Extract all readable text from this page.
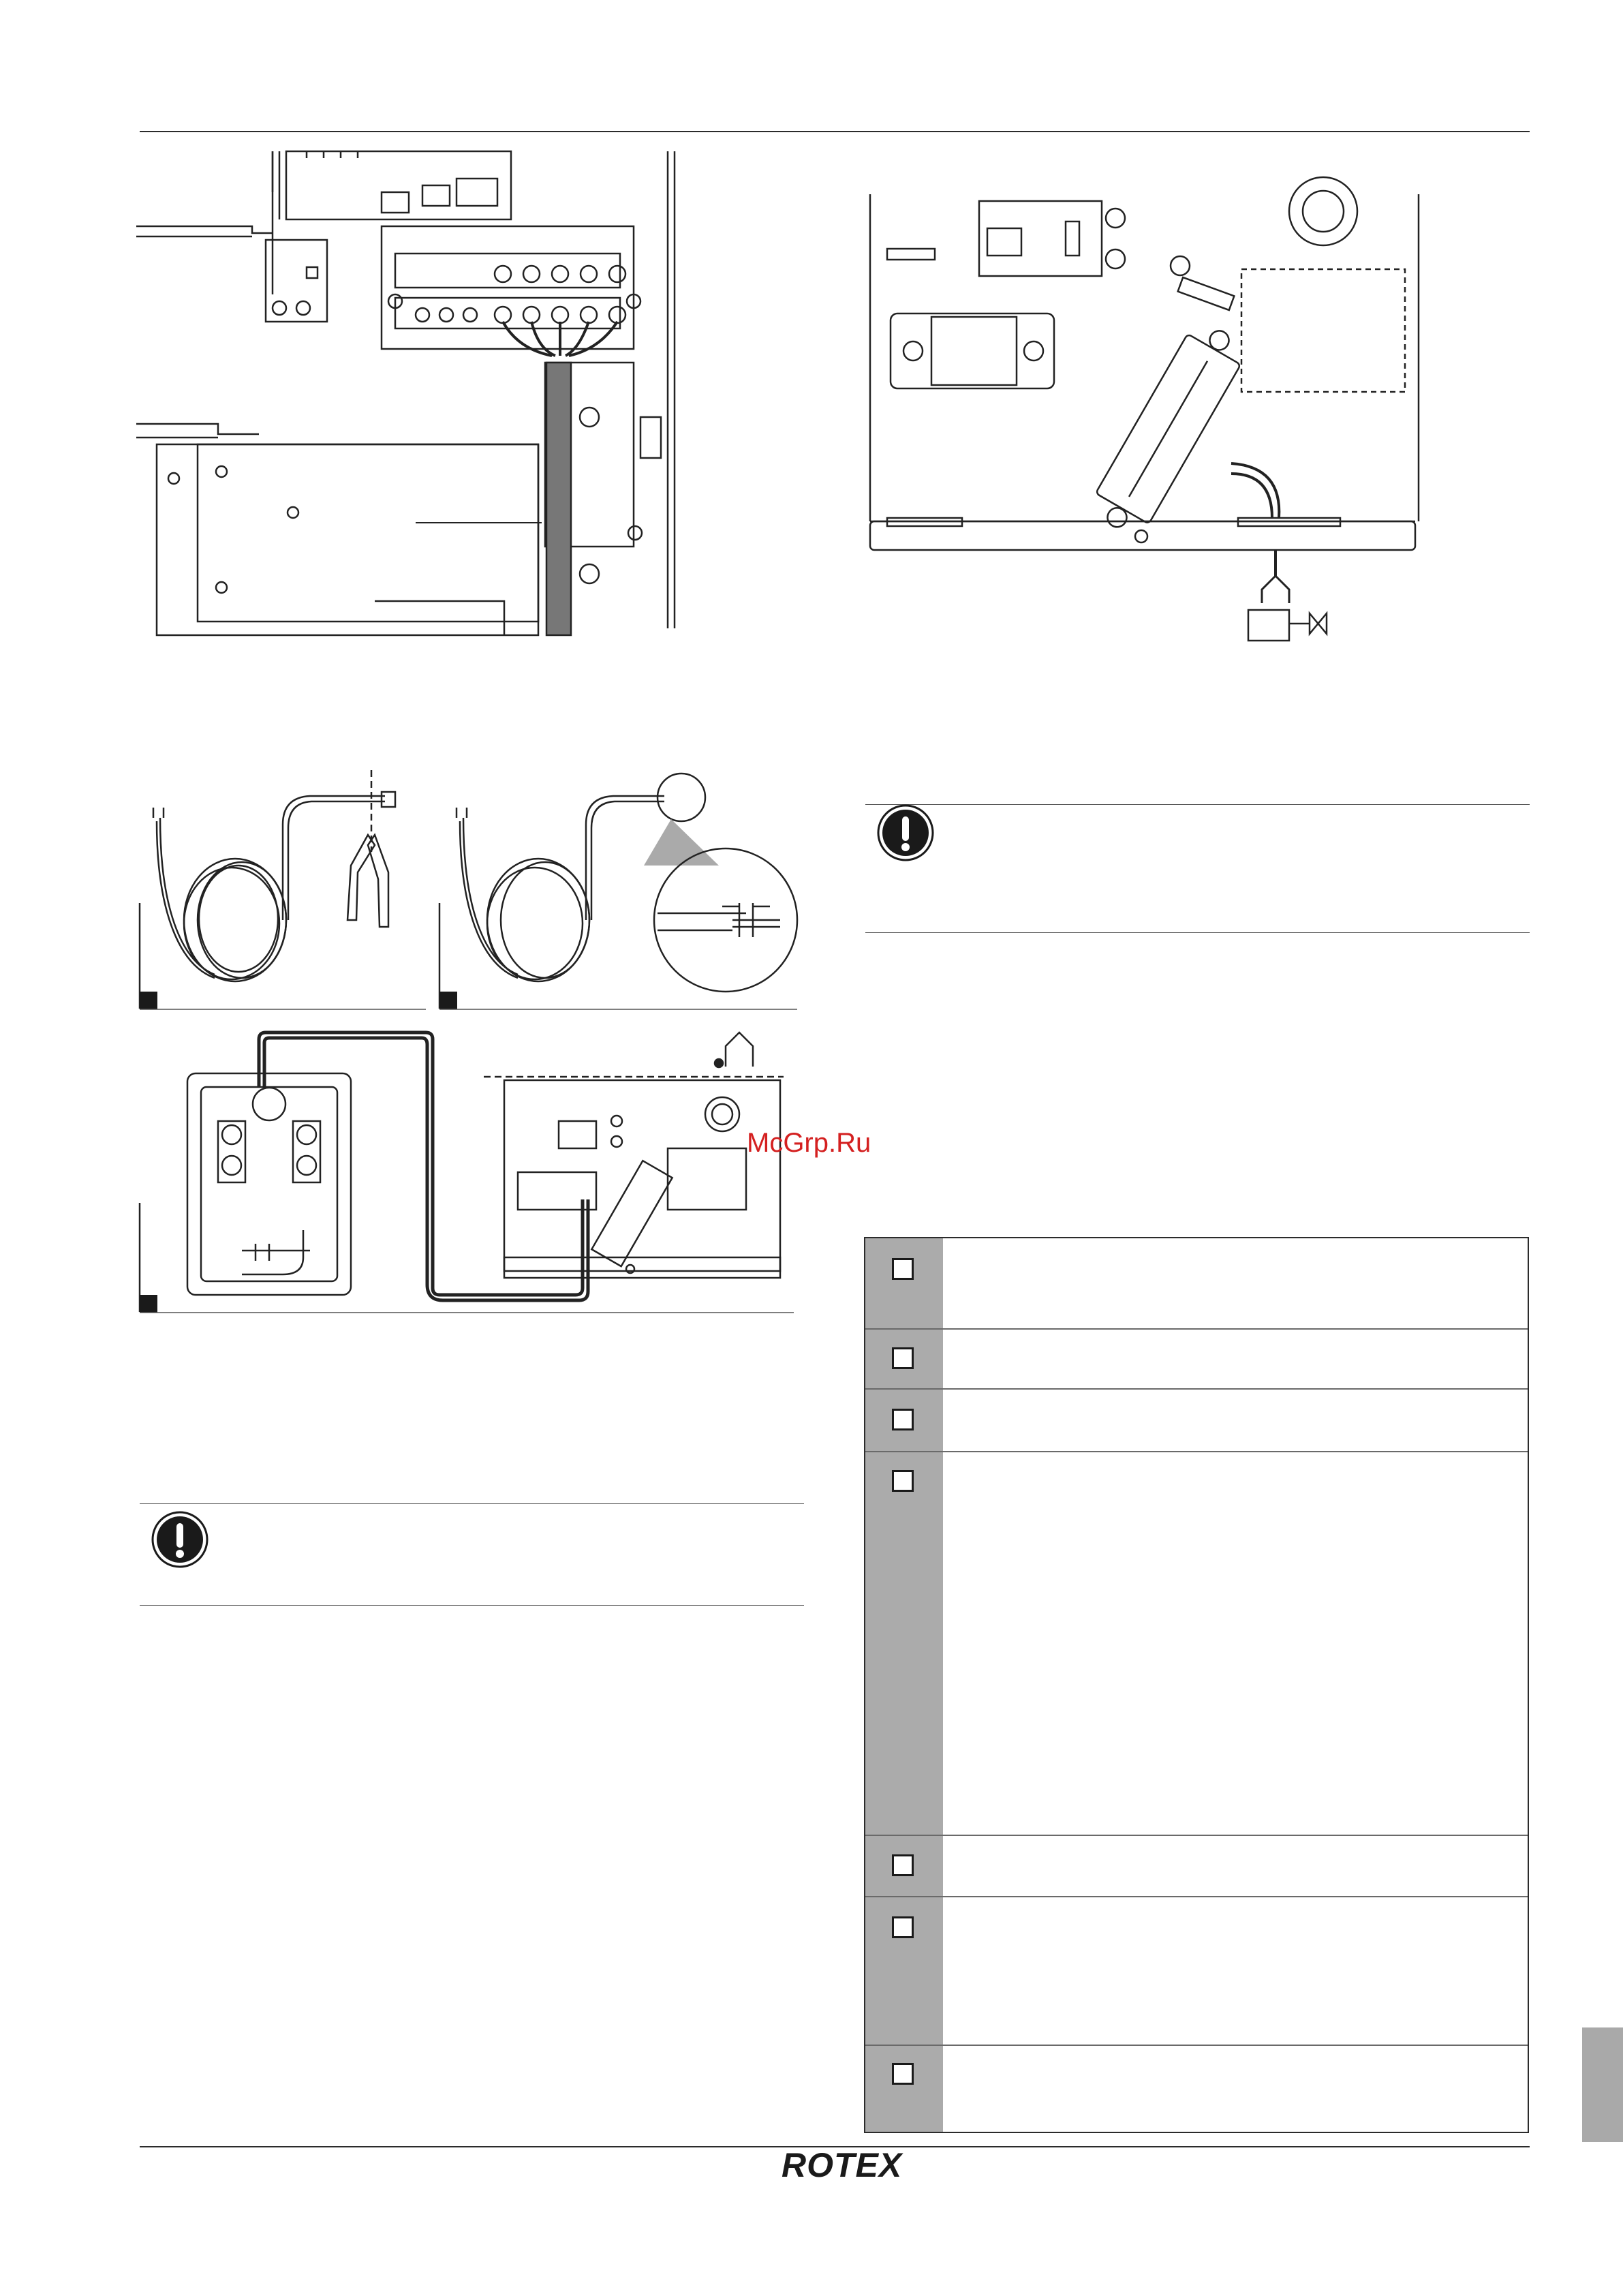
McGrp.Ru
ROTEX
